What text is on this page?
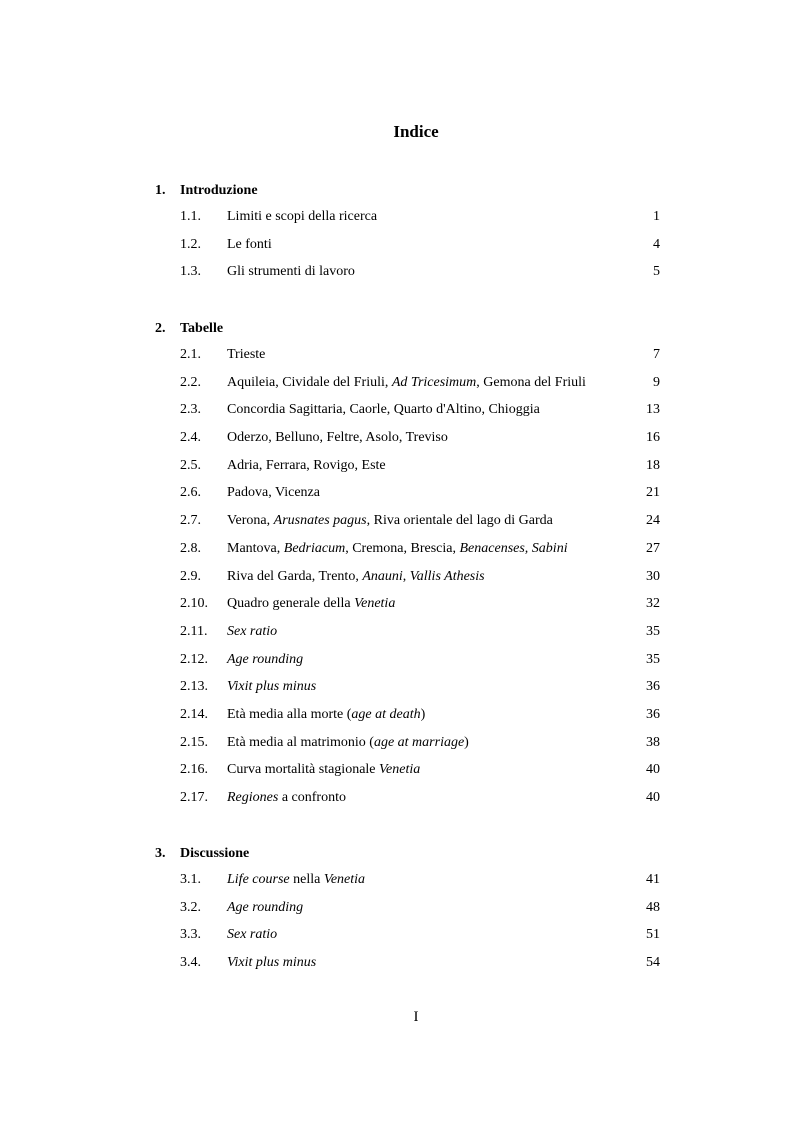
Indice
1. Introduzione
1.1. Limiti e scopi della ricerca	1
1.2. Le fonti	4
1.3. Gli strumenti di lavoro	5
2. Tabelle
2.1. Trieste	7
2.2. Aquileia, Cividale del Friuli, Ad Tricesimum, Gemona del Friuli	9
2.3. Concordia Sagittaria, Caorle, Quarto d'Altino, Chioggia	13
2.4. Oderzo, Belluno, Feltre, Asolo, Treviso	16
2.5. Adria, Ferrara, Rovigo, Este	18
2.6. Padova, Vicenza	21
2.7. Verona, Arusnates pagus, Riva orientale del lago di Garda	24
2.8. Mantova, Bedriacum, Cremona, Brescia, Benacenses, Sabini	27
2.9. Riva del Garda, Trento, Anauni, Vallis Athesis	30
2.10. Quadro generale della Venetia	32
2.11. Sex ratio	35
2.12. Age rounding	35
2.13. Vixit plus minus	36
2.14. Età media alla morte (age at death)	36
2.15. Età media al matrimonio (age at marriage)	38
2.16. Curva mortalità stagionale Venetia	40
2.17. Regiones a confronto	40
3. Discussione
3.1. Life course nella Venetia	41
3.2. Age rounding	48
3.3. Sex ratio	51
3.4. Vixit plus minus	54
I
